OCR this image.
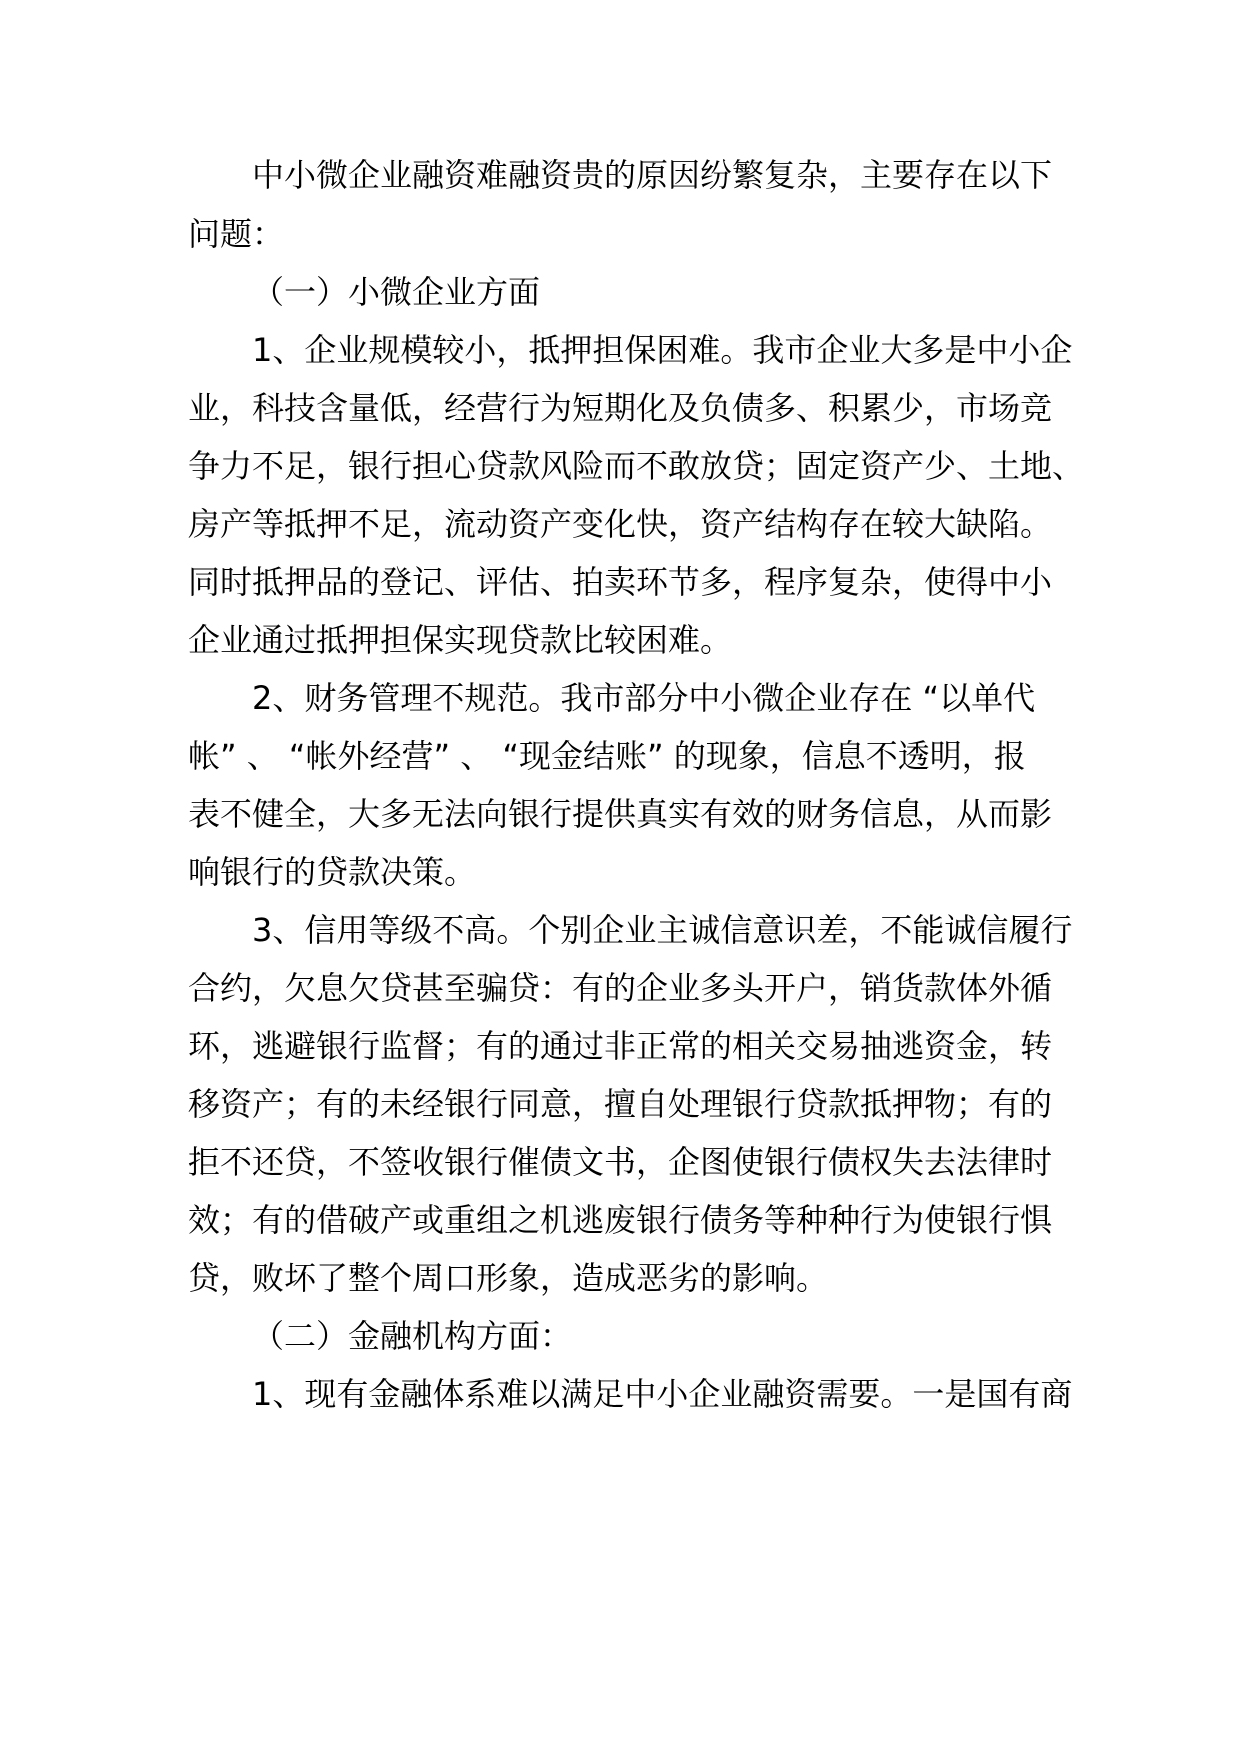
中小微企业融资难融资贵的原因纷繁复杂，主要存在以下
问题：
（一）小微企业方面
1、企业规模较小，抵押担保困难。我市企业大多是中小企
业，科技含量低，经营行为短期化及负债多、积累少，市场竞
争力不足，银行担心贷款风险而不敢放贷；固定资产少、土地、
房产等抵押不足，流动资产变化快，资产结构存在较大缺陷。
同时抵押品的登记、评估、拍卖环节多，程序复杂，使得中小
企业通过抵押担保实现贷款比较困难。
2、财务管理不规范。我市部分中小微企业存在 “以单代
帐” 、 “帐外经营” 、 “现金结账” 的现象，信息不透明，报
表不健全，大多无法向银行提供真实有效的财务信息，从而影
响银行的贷款决策。
3、信用等级不高。个别企业主诚信意识差，不能诚信履行
合约，欠息欠贷甚至骗贷：有的企业多头开户，销货款体外循
环，逃避银行监督；有的通过非正常的相关交易抽逃资金，转
移资产；有的未经银行同意，擅自处理银行贷款抵押物；有的
拒不还贷，不签收银行催债文书，企图使银行债权失去法律时
效；有的借破产或重组之机逃废银行债务等种种行为使银行惧
贷，败坏了整个周口形象，造成恶劣的影响。
（二）金融机构方面：
1、现有金融体系难以满足中小企业融资需要。一是国有商
